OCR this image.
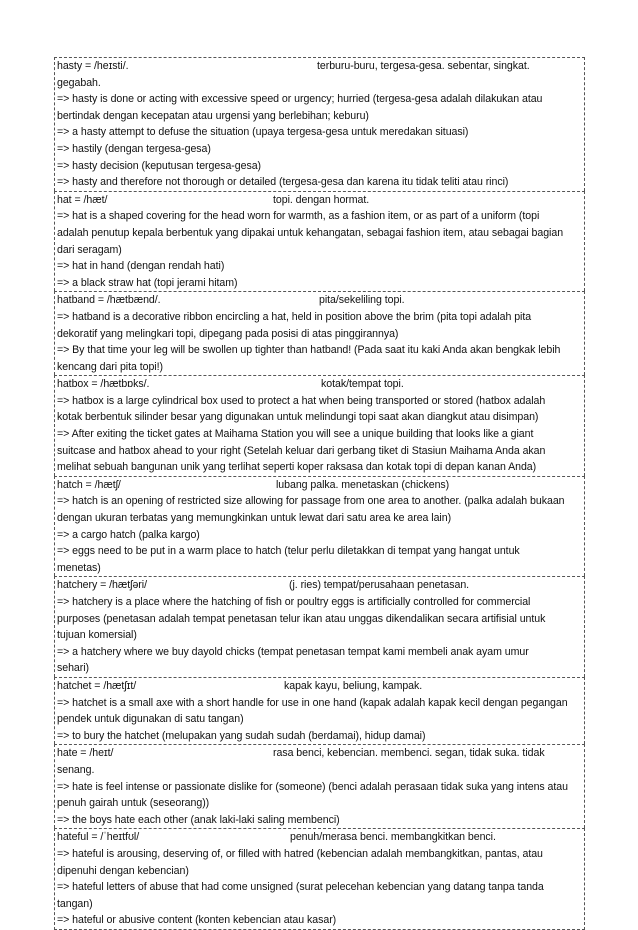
hasty = /heɪsti/.	terburu-buru, tergesa-gesa. sebentar, singkat.
gegabah.
=> hasty is done or acting with excessive speed or urgency; hurried (tergesa-gesa adalah dilakukan atau
bertindak dengan kecepatan atau urgensi yang berlebihan; keburu)
=> a hasty attempt to defuse the situation (upaya tergesa-gesa untuk meredakan situasi)
=> hastily (dengan tergesa-gesa)
=> hasty decision (keputusan tergesa-gesa)
=> hasty and therefore not thorough or detailed (tergesa-gesa dan karena itu tidak teliti atau rinci)
hat = /hæt/	topi. dengan hormat.
=> hat is a shaped covering for the head worn for warmth, as a fashion item, or as part of a uniform (topi
adalah penutup kepala berbentuk yang dipakai untuk kehangatan, sebagai fashion item, atau sebagai bagian
dari seragam)
=> hat in hand (dengan rendah hati)
=> a black straw hat (topi jerami hitam)
hatband = /hætbænd/.	pita/sekeliling topi.
=> hatband is a decorative ribbon encircling a hat, held in position above the brim (pita topi adalah pita
dekoratif yang melingkari topi, dipegang pada posisi di atas pinggirannya)
=> By that time your leg will be swollen up tighter than hatband! (Pada saat itu kaki Anda akan bengkak lebih
kencang dari pita topi!)
hatbox = /hætbɒks/.	kotak/tempat topi.
=> hatbox is a large cylindrical box used to protect a hat when being transported or stored (hatbox adalah
kotak berbentuk silinder besar yang digunakan untuk melindungi topi saat akan diangkut atau disimpan)
=> After exiting the ticket gates at Maihama Station you will see a unique building that looks like a giant
suitcase and hatbox ahead to your right (Setelah keluar dari gerbang tiket di Stasiun Maihama Anda akan
melihat sebuah bangunan unik yang terlihat seperti koper raksasa dan kotak topi di depan kanan Anda)
hatch = /hætʃ/	lubang palka. menetaskan (chickens)
=> hatch is an opening of restricted size allowing for passage from one area to another. (palka adalah bukaan
dengan ukuran terbatas yang memungkinkan untuk lewat dari satu area ke area lain)
=> a cargo hatch (palka kargo)
=> eggs need to be put in a warm place to hatch (telur perlu diletakkan di tempat yang hangat untuk
menetas)
hatchery = /hætʃəri/	(j. ries) tempat/perusahaan penetasan.
=> hatchery is a place where the hatching of fish or poultry eggs is artificially controlled for commercial
purposes (penetasan adalah tempat penetasan telur ikan atau unggas dikendalikan secara artifisial untuk
tujuan komersial)
=> a hatchery where we buy dayold chicks (tempat penetasan tempat kami membeli anak ayam umur
sehari)
hatchet = /hætʃɪt/	kapak kayu, beliung, kampak.
=> hatchet is a small axe with a short handle for use in one hand (kapak adalah kapak kecil dengan pegangan
pendek untuk digunakan di satu tangan)
=> to bury the hatchet (melupakan yang sudah sudah (berdamai), hidup damai)
hate = /heɪt/	rasa benci, kebencian. membenci. segan, tidak suka. tidak
senang.
=> hate is feel intense or passionate dislike for (someone) (benci adalah perasaan tidak suka yang intens atau
penuh gairah untuk (seseorang))
=> the boys hate each other (anak laki-laki saling membenci)
hateful = /ˈheɪtfʊl/	penuh/merasa benci. membangkitkan benci.
=> hateful is arousing, deserving of, or filled with hatred (kebencian adalah membangkitkan, pantas, atau
dipenuhi dengan kebencian)
=> hateful letters of abuse that had come unsigned (surat pelecehan kebencian yang datang tanpa tanda
tangan)
=> hateful or abusive content (konten kebencian atau kasar)
